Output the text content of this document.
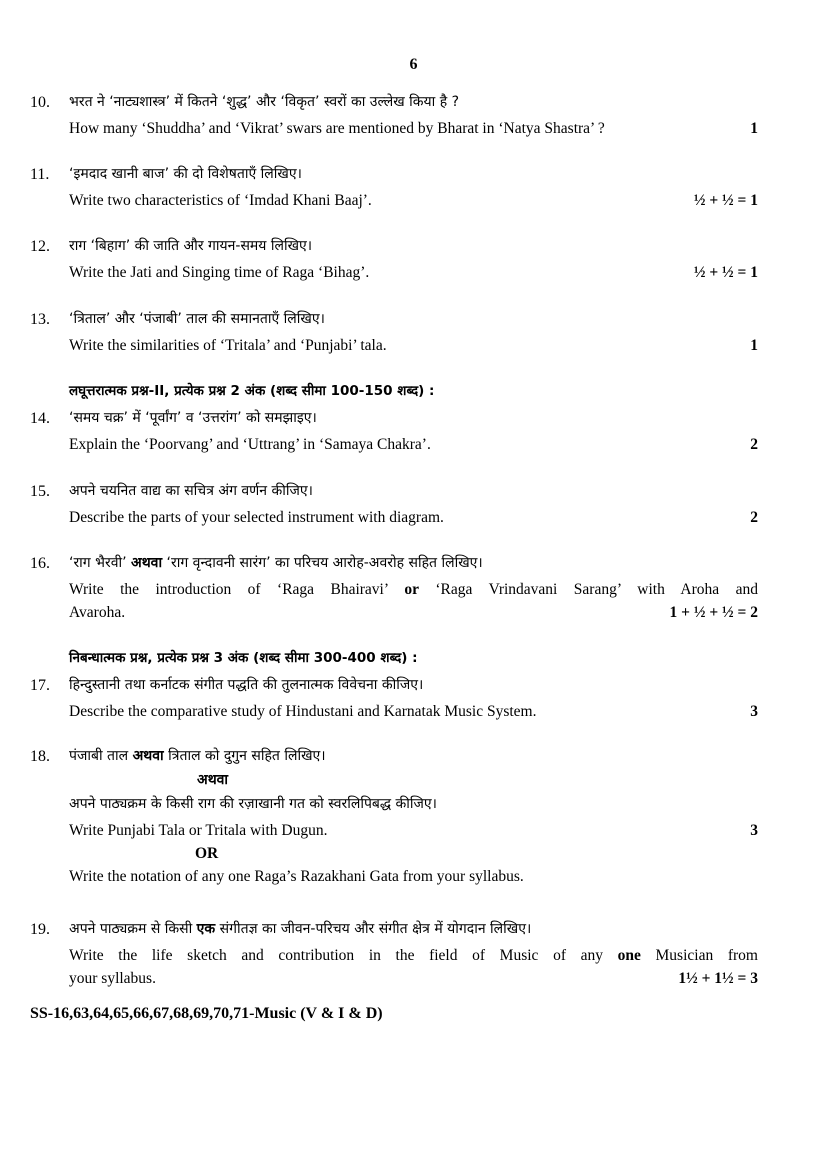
6
10. भरत ने ‘नाट्यशास्त्र’ में कितने ‘शुद्ध’ और ‘विकृत’ स्वरों का उल्लेख किया है ?
How many ‘Shuddha’ and ‘Vikrat’ swars are mentioned by Bharat in ‘Natya Shastra’ ?	1
11. ‘इमदाद खानी बाज’ की दो विशेषताएँ लिखिए।
Write two characteristics of ‘Imdad Khani Baaj’.	½ + ½ = 1
12. राग ‘बिहाग’ की जाति और गायन-समय लिखिए।
Write the Jati and Singing time of Raga ‘Bihag’.	½ + ½ = 1
13. ‘त्रिताल’ और ‘पंजाबी’ ताल की समानताएँ लिखिए।
Write the similarities of ‘Tritala’ and ‘Punjabi’ tala.	1
लघूत्तरात्मक प्रश्न-II, प्रत्येक प्रश्न 2 अंक (शब्द सीमा 100-150 शब्द) :
14. ‘समय चक्र’ में ‘पूर्वांग’ व ‘उत्तरांग’ को समझाइए।
Explain the ‘Poorvang’ and ‘Uttrang’ in ‘Samaya Chakra’.	2
15. अपने चयनित वाद्य का सचित्र अंग वर्णन कीजिए।
Describe the parts of your selected instrument with diagram.	2
16. ‘राग भैरवी’ अथवा ‘राग वृन्दावनी सारंग’ का परिचय आरोह-अवरोह सहित लिखिए।
Write the introduction of ‘Raga Bhairavi’ or ‘Raga Vrindavani Sarang’ with Aroha and
Avaroha.	1 + ½ + ½ = 2
निबन्धात्मक प्रश्न, प्रत्येक प्रश्न 3 अंक (शब्द सीमा 300-400 शब्द) :
17. हिन्दुस्तानी तथा कर्नाटक संगीत पद्धति की तुलनात्मक विवेचना कीजिए।
Describe the comparative study of Hindustani and Karnatak Music System.	3
18. पंजाबी ताल अथवा त्रिताल को दुगुन सहित लिखिए।
अथवा
अपने पाठ्यक्रम के किसी राग की रज़ाखानी गत को स्वरलिपिबद्ध कीजिए।
Write Punjabi Tala or Tritala with Dugun.	3
OR
Write the notation of any one Raga’s Razakhani Gata from your syllabus.
19. अपने पाठ्यक्रम से किसी एक संगीतज्ञ का जीवन-परिचय और संगीत क्षेत्र में योगदान लिखिए।
Write the life sketch and contribution in the field of Music of any one Musician from
your syllabus.	1½ + 1½ = 3
SS-16,63,64,65,66,67,68,69,70,71-Music (V & I & D)
